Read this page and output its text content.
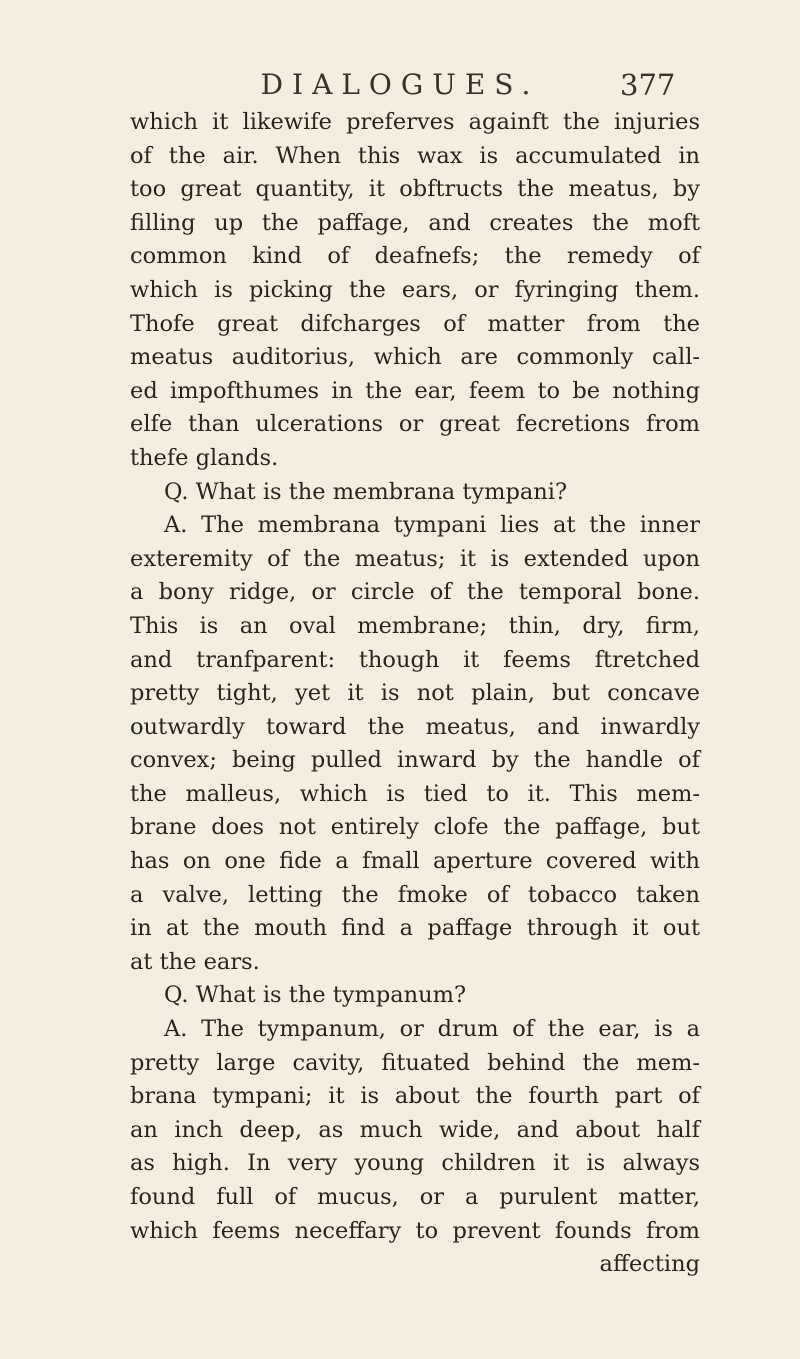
DIALOGUES.	377
which it likewife preferves againft the injuries
of the air. When this wax is accumulated in
too great quantity, it obftructs the meatus, by
filling up the paffage, and creates the moft
common kind of deafnefs; the remedy of
which is picking the ears, or fyringing them.
Thofe great difcharges of matter from the
meatus auditorius, which are commonly call-
ed impofthumes in the ear, feem to be nothing
elfe than ulcerations or great fecretions from
thefe glands.
Q. What is the membrana tympani?
A. The membrana tympani lies at the inner
exteremity of the meatus; it is extended upon
a bony ridge, or circle of the temporal bone.
This is an oval membrane; thin, dry, firm,
and tranfparent: though it feems ftretched
pretty tight, yet it is not plain, but concave
outwardly toward the meatus, and inwardly
convex; being pulled inward by the handle of
the malleus, which is tied to it. This mem-
brane does not entirely clofe the paffage, but
has on one fide a fmall aperture covered with
a valve, letting the fmoke of tobacco taken
in at the mouth find a paffage through it out
at the ears.
Q. What is the tympanum?
A. The tympanum, or drum of the ear, is a
pretty large cavity, fituated behind the mem-
brana tympani; it is about the fourth part of
an inch deep, as much wide, and about half
as high. In very young children it is always
found full of mucus, or a purulent matter,
which feems neceffary to prevent founds from
affecting
